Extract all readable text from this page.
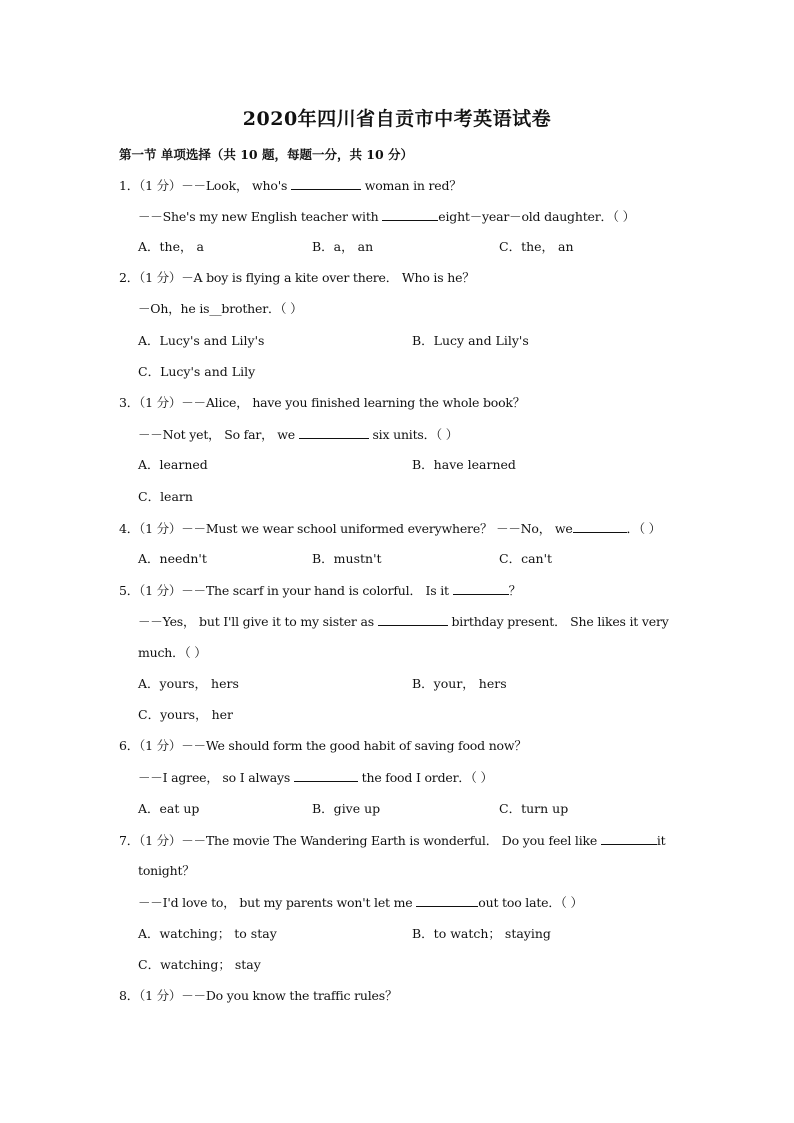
2020年四川省自贡市中考英语试卷
第一节 单项选择（共 10 题，每题一分，共 10 分）
1．（1 分）－－Look， who's	woman in red？
－－She's my new English teacher with	eight－year－old daughter．（ ）
A．the， a	B．a， an	C．the， an
2．（1 分）－A boy is flying a kite over there． Who is he？
－Oh，he is__brother．（ ）
A．Lucy's and Lily's	B．Lucy and Lily's
C．Lucy's and Lily
3．（1 分）－－Alice， have you finished learning the whole book？
－－Not yet， So far， we	six units．（ ）
A．learned	B．have learned
C．learn
4．（1 分）－－Must we wear school uniformed everywhere？ －－No， we	．（ ）
A．needn't	B．mustn't	C．can't
5．（1 分）－－The scarf in your hand is colorful． Is it	？
－－Yes， but I'll give it to my sister as	birthday present． She likes it very
much．（ ）
A．yours， hers	B．your， hers
C．yours， her
6．（1 分）－－We should form the good habit of saving food now？
－－I agree， so I always	the food I order．（ ）
A．eat up	B．give up	C．turn up
7．（1 分）－－The movie The Wandering Earth is wonderful． Do you feel like	it
tonight？
－－I'd love to， but my parents won't let me	out too late．（ ）
A．watching； to stay	B．to watch； staying
C．watching； stay
8．（1 分）－－Do you know the traffic rules？
